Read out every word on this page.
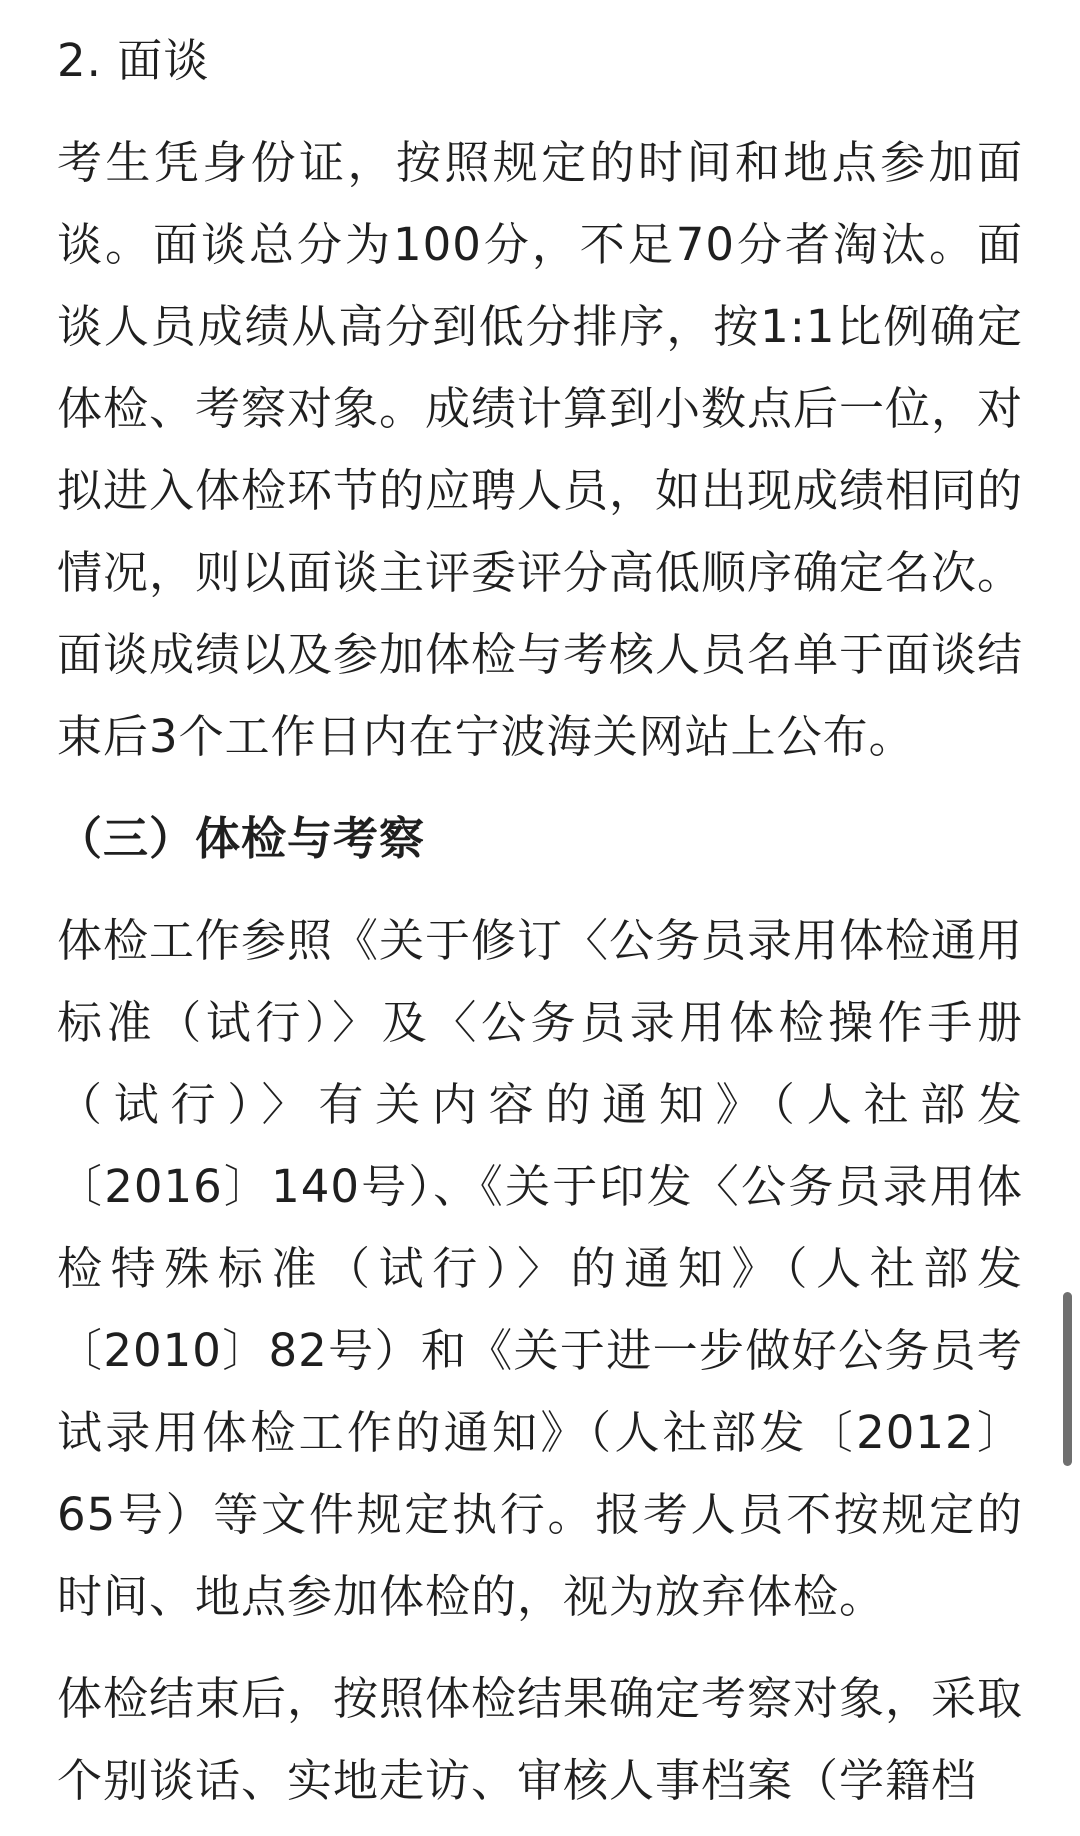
2. 面谈

考生凭身份证，按照规定的时间和地点参加面谈。面谈总分为100分，不足70分者淘汰。面谈人员成绩从高分到低分排序，按1:1比例确定体检、考察对象。成绩计算到小数点后一位，对拟进入体检环节的应聘人员，如出现成绩相同的情况，则以面谈主评委评分高低顺序确定名次。面谈成绩以及参加体检与考核人员名单于面谈结束后3个工作日内在宁波海关网站上公布。

（三）体检与考察

体检工作参照《关于修订〈公务员录用体检通用标准（试行）〉及〈公务员录用体检操作手册（试行）〉有关内容的通知》（人社部发〔2016〕140号）、《关于印发〈公务员录用体检特殊标准（试行）〉的通知》（人社部发〔2010〕82号）和《关于进一步做好公务员考试录用体检工作的通知》（人社部发〔2012〕65号）等文件规定执行。报考人员不按规定的时间、地点参加体检的，视为放弃体检。

体检结束后，按照体检结果确定考察对象，采取个别谈话、实地走访、审核人事档案（学籍档
